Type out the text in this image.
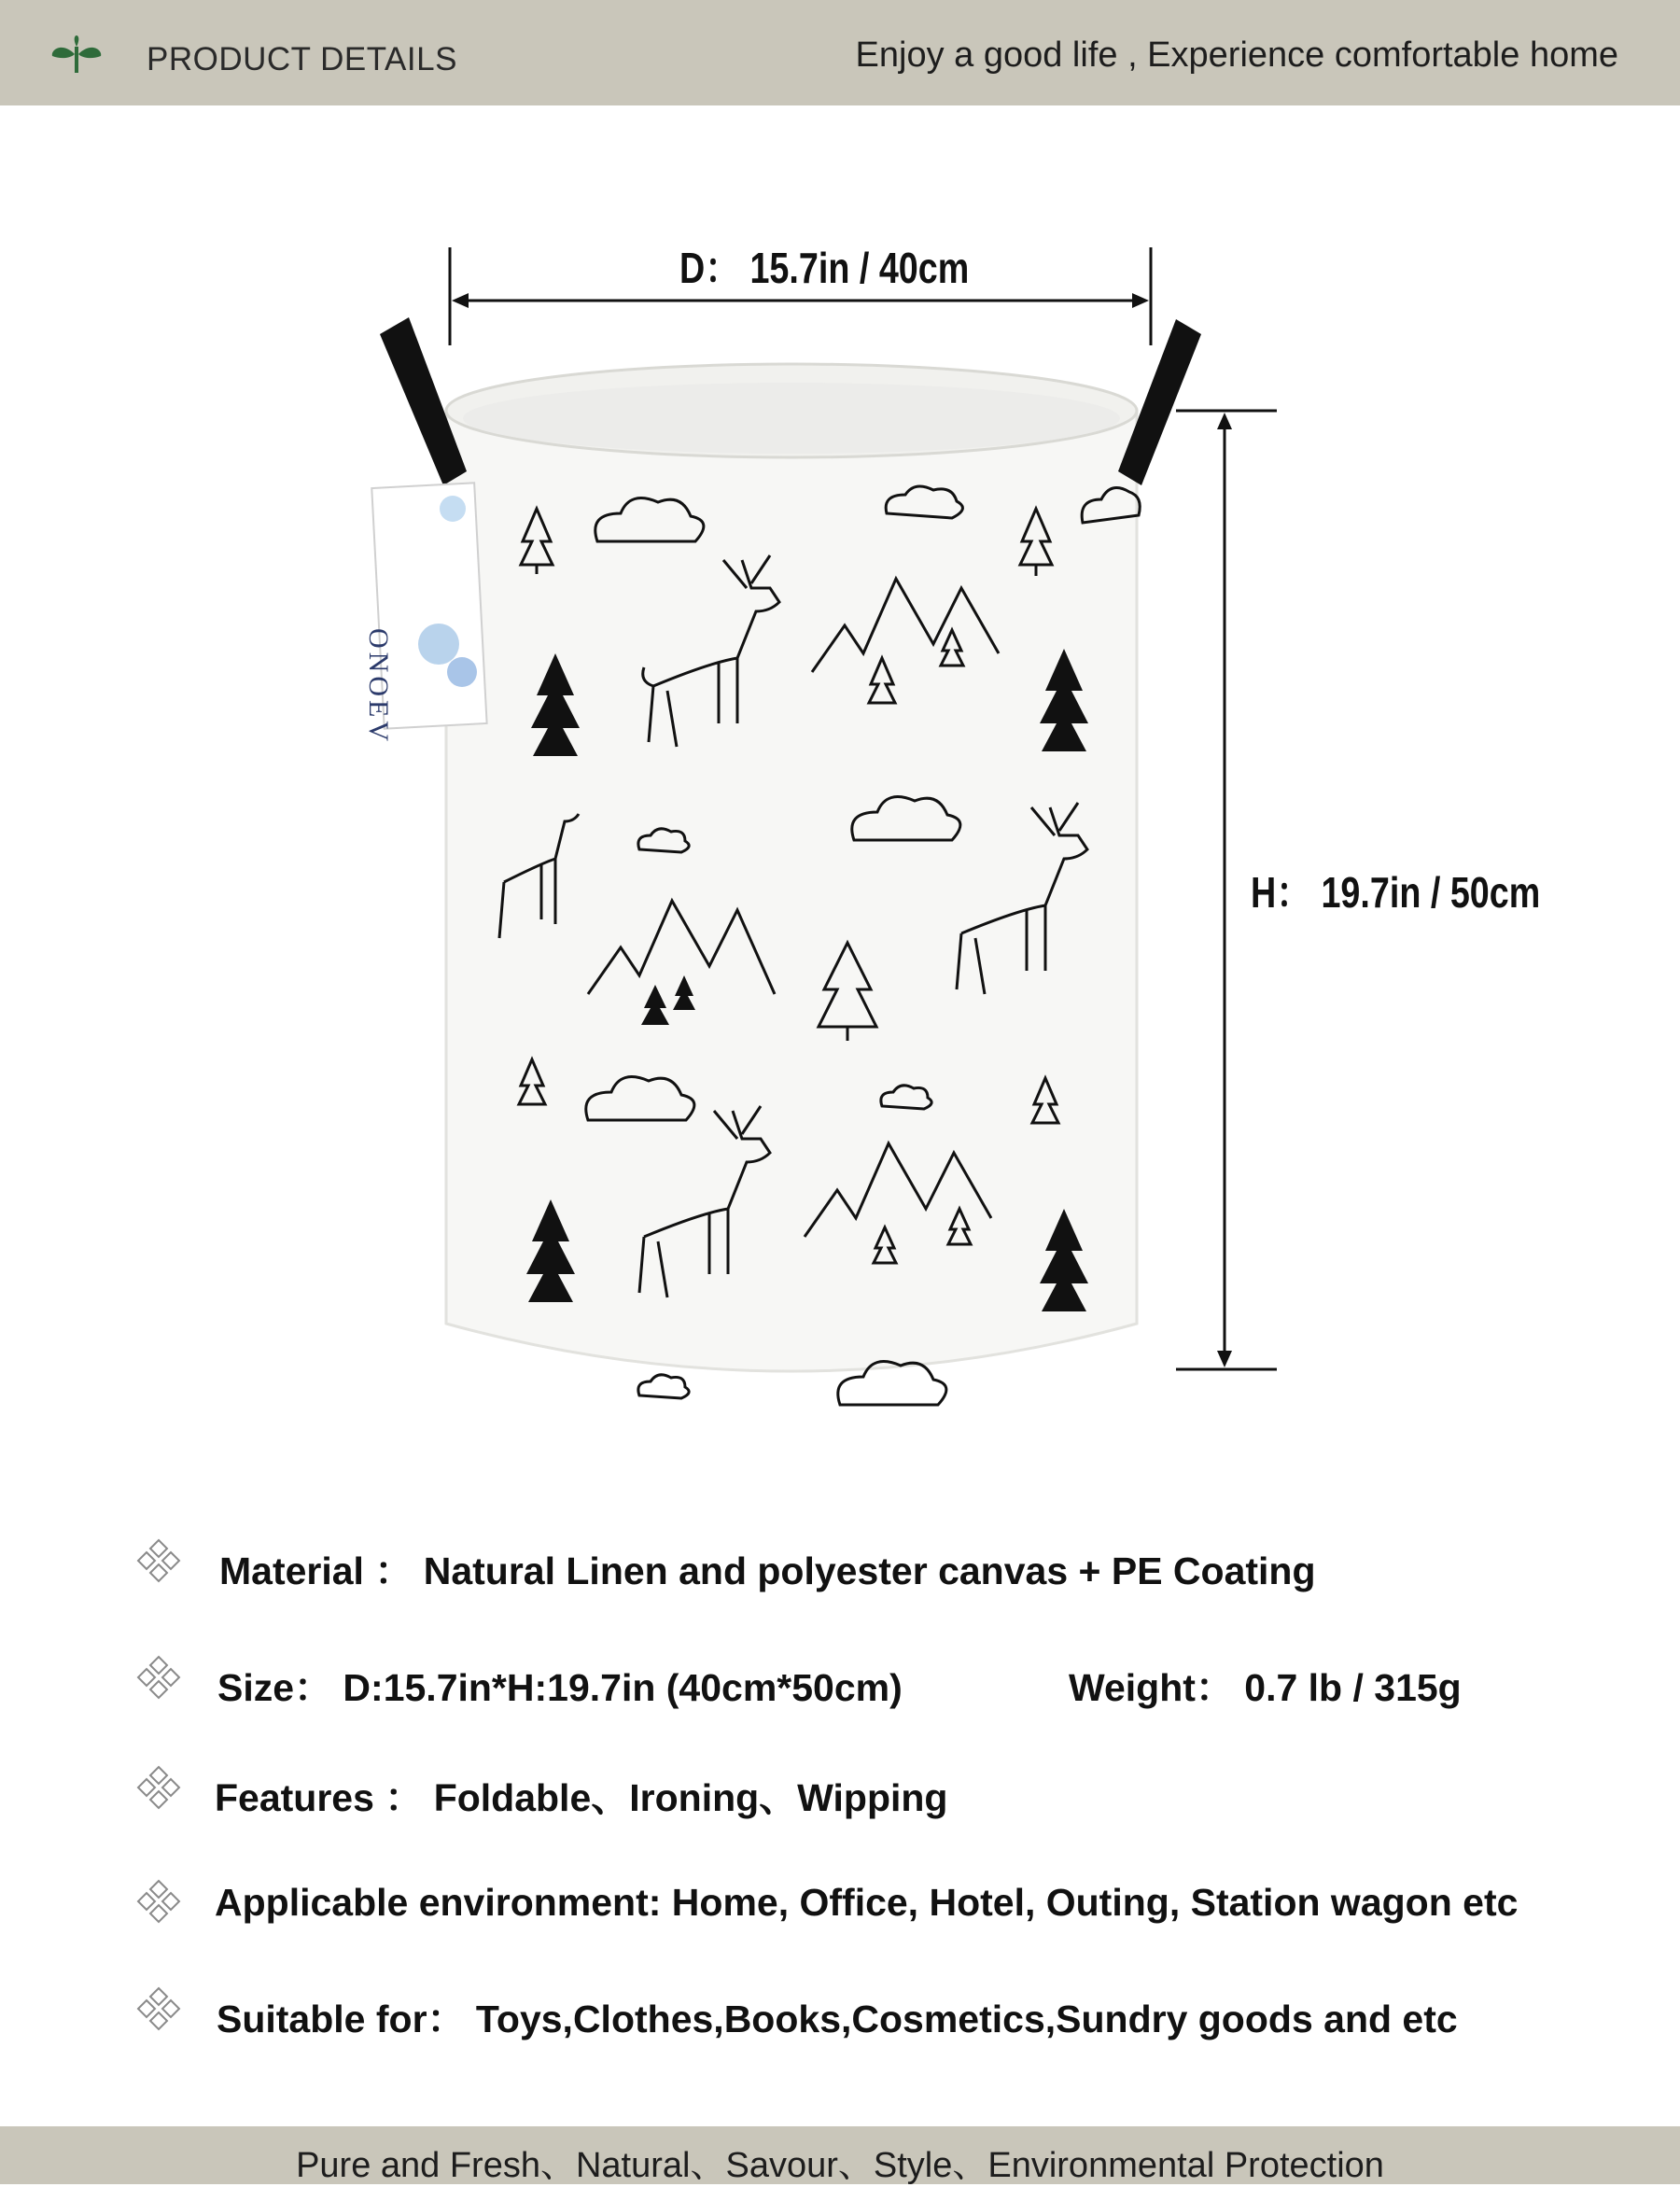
PRODUCT DETAILS	Enjoy a good life , Experience comfortable home
ONOEV
D： 15.7in / 40cm
H： 19.7in / 50cm
Material ： Natural Linen and polyester canvas + PE Coating
Size： D:15.7in*H:19.7in (40cm*50cm)	Weight： 0.7 lb / 315g
Features ： Foldable、Ironing、Wipping
Applicable environment: Home, Office, Hotel, Outing, Station wagon etc
Suitable for： Toys,Clothes,Books,Cosmetics,Sundry goods and etc
Pure and Fresh、Natural、Savour、Style、Environmental Protection
